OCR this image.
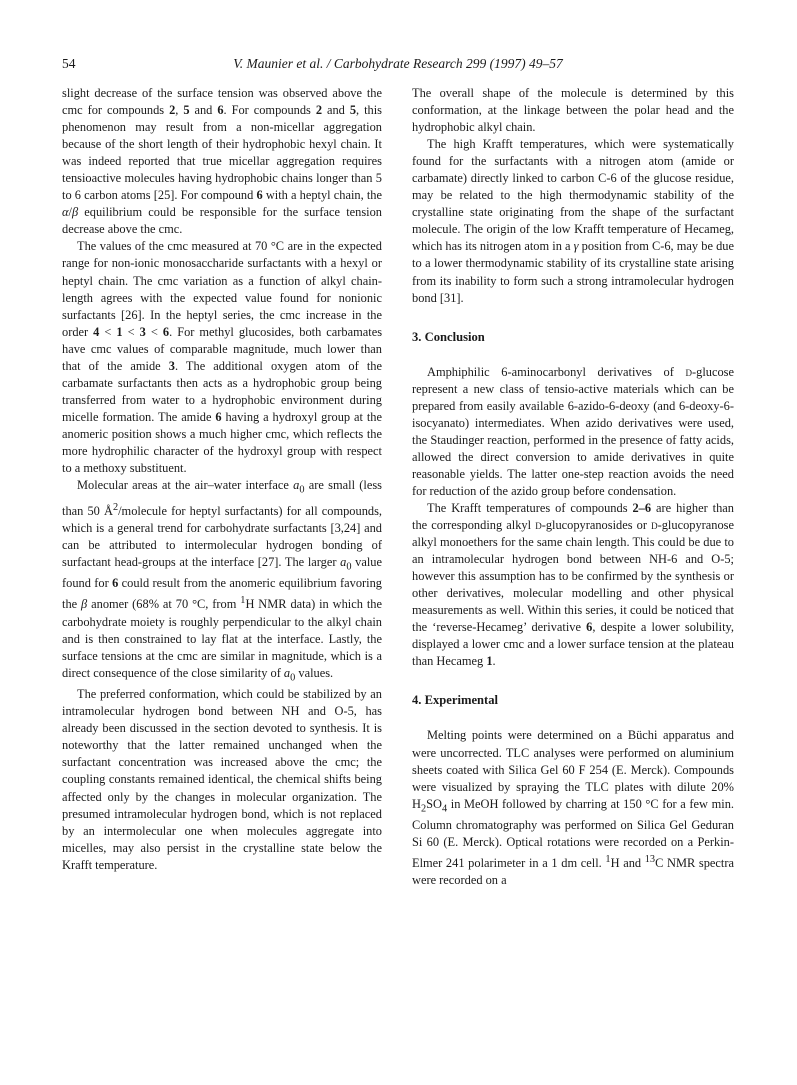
54	V. Maunier et al. / Carbohydrate Research 299 (1997) 49–57

slight decrease of the surface tension was observed above the cmc for compounds 2, 5 and 6. For compounds 2 and 5, this phenomenon may result from a non-micellar aggregation because of the short length of their hydrophobic hexyl chain. It was indeed reported that true micellar aggregation requires tensioactive molecules having hydrophobic chains longer than 5 to 6 carbon atoms [25]. For compound 6 with a heptyl chain, the α/β equilibrium could be responsible for the surface tension decrease above the cmc.

The values of the cmc measured at 70 °C are in the expected range for non-ionic monosaccharide surfactants with a hexyl or heptyl chain. The cmc variation as a function of alkyl chain-length agrees with the expected value found for nonionic surfactants [26]. In the heptyl series, the cmc increase in the order 4 < 1 < 3 < 6. For methyl glucosides, both carbamates have cmc values of comparable magnitude, much lower than that of the amide 3. The additional oxygen atom of the carbamate surfactants then acts as a hydrophobic group being transferred from water to a hydrophobic environment during micelle formation. The amide 6 having a hydroxyl group at the anomeric position shows a much higher cmc, which reflects the more hydrophilic character of the hydroxyl group with respect to a methoxy substituent.

Molecular areas at the air–water interface $a_0$ are small (less than 50 $Å^2$/molecule for heptyl surfactants) for all compounds, which is a general trend for carbohydrate surfactants [3,24] and can be attributed to intermolecular hydrogen bonding of surfactant head-groups at the interface [27]. The larger $a_0$ value found for 6 could result from the anomeric equilibrium favoring the β anomer (68% at 70 °C, from $^1$H NMR data) in which the carbohydrate moiety is roughly perpendicular to the alkyl chain and is then constrained to lay flat at the interface. Lastly, the surface tensions at the cmc are similar in magnitude, which is a direct consequence of the close similarity of $a_0$ values.

The preferred conformation, which could be stabilized by an intramolecular hydrogen bond between NH and O-5, has already been discussed in the section devoted to synthesis. It is noteworthy that the latter remained unchanged when the surfactant concentration was increased above the cmc; the coupling constants remained identical, the chemical shifts being affected only by the changes in molecular organization. The presumed intramolecular hydrogen bond, which is not replaced by an intermolecular one when molecules aggregate into micelles, may also persist in the crystalline state below the Krafft temperature.

The overall shape of the molecule is determined by this conformation, at the linkage between the polar head and the hydrophobic alkyl chain.

The high Krafft temperatures, which were systematically found for the surfactants with a nitrogen atom (amide or carbamate) directly linked to carbon C-6 of the glucose residue, may be related to the high thermodynamic stability of the crystalline state originating from the shape of the surfactant molecule. The origin of the low Krafft temperature of Hecameg, which has its nitrogen atom in a γ position from C-6, may be due to a lower thermodynamic stability of its crystalline state arising from its inability to form such a strong intramolecular hydrogen bond [31].

3. Conclusion

Amphiphilic 6-aminocarbonyl derivatives of d-glucose represent a new class of tensio-active materials which can be prepared from easily available 6-azido-6-deoxy (and 6-deoxy-6-isocyanato) intermediates. When azido derivatives were used, the Staudinger reaction, performed in the presence of fatty acids, allowed the direct conversion to amide derivatives in quite reasonable yields. The latter one-step reaction avoids the need for reduction of the azido group before condensation.

The Krafft temperatures of compounds 2–6 are higher than the corresponding alkyl d-glucopyranosides or d-glucopyranose alkyl monoethers for the same chain length. This could be due to an intramolecular hydrogen bond between NH-6 and O-5; however this assumption has to be confirmed by the synthesis or other derivatives, molecular modelling and other physical measurements as well. Within this series, it could be noticed that the ‘reverse-Hecameg’ derivative 6, despite a lower solubility, displayed a lower cmc and a lower surface tension at the plateau than Hecameg 1.

4. Experimental

Melting points were determined on a Büchi apparatus and were uncorrected. TLC analyses were performed on aluminium sheets coated with Silica Gel 60 F 254 (E. Merck). Compounds were visualized by spraying the TLC plates with dilute 20% $H_2SO_4$ in MeOH followed by charring at 150 °C for a few min. Column chromatography was performed on Silica Gel Geduran Si 60 (E. Merck). Optical rotations were recorded on a Perkin-Elmer 241 polarimeter in a 1 dm cell. $^1$H and $^{13}$C NMR spectra were recorded on a
